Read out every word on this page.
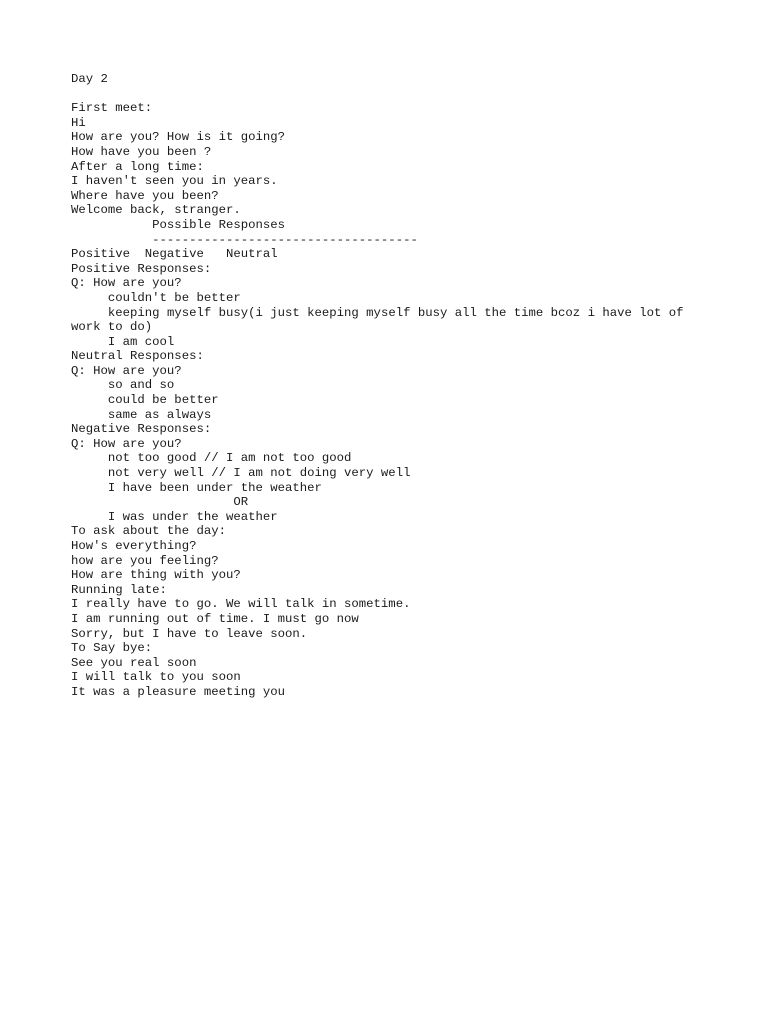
Day 2
First meet:
Hi
How are you? How is it going?
How have you been ?
After a long time:
I haven't seen you in years.
Where have you been?
Welcome back, stranger.
Possible Responses
------------------------------------
Positive  Negative   Neutral
Positive Responses:
Q: How are you?
couldn't be better
keeping myself busy(i just keeping myself busy all the time bcoz i have lot of work to do)
I am cool
Neutral Responses:
Q: How are you?
so and so
could be better
same as always
Negative Responses:
Q: How are you?
not too good // I am not too good
not very well // I am not doing very well
I have been under the weather
OR
I was under the weather
To ask about the day:
How's everything?
how are you feeling?
How are thing with you?
Running late:
I really have to go. We will talk in sometime.
I am running out of time. I must go now
Sorry, but I have to leave soon.
To Say bye:
See you real soon
I will talk to you soon
It was a pleasure meeting you
